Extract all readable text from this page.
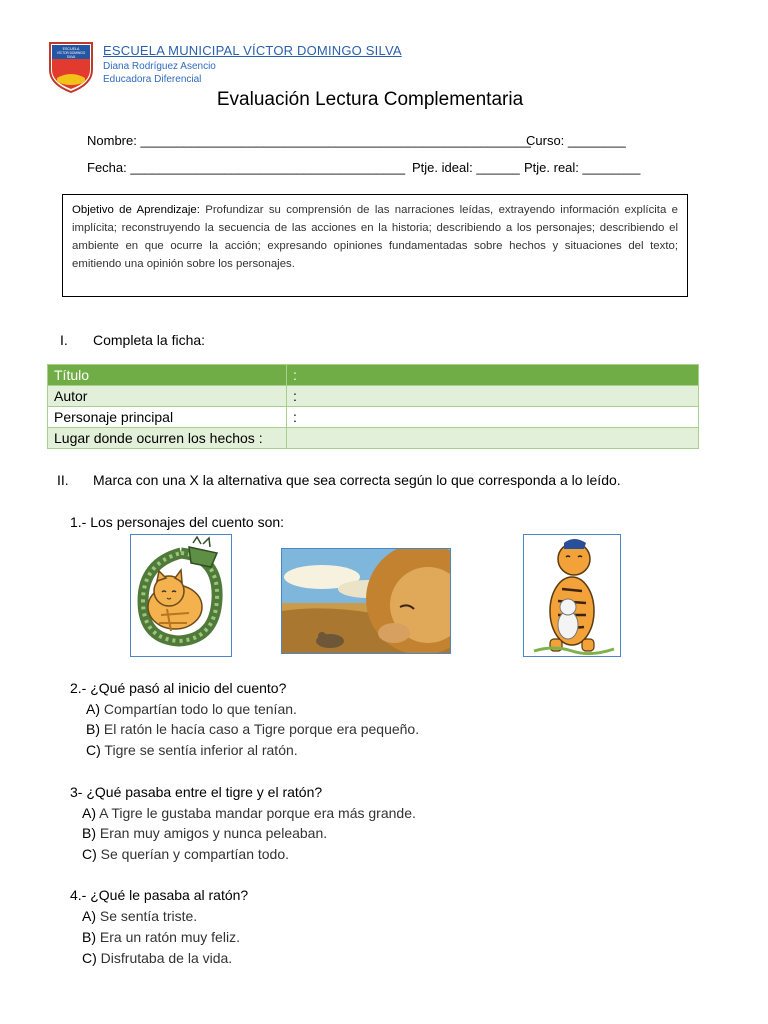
ESCUELA
VÍCTOR DOMINGO
SILVA ESCUELA MUNICIPAL VÍCTOR DOMINGO SILVA
Diana Rodríguez Asencio
Educadora Diferencial
Evaluación Lectura Complementaria
Nombre: ______________________________________________________
Curso: ________
Fecha: ______________________________________ Ptje. ideal: ______ Ptje. real: ________
Objetivo de Aprendizaje: Profundizar su comprensión de las narraciones leídas, extrayendo información explícita e implícita; reconstruyendo la secuencia de las acciones en la historia; describiendo a los personajes; describiendo el ambiente en que ocurre la acción; expresando opiniones fundamentadas sobre hechos y situaciones del texto; emitiendo una opinión sobre los personajes.
I. Completa la ficha:
Título	:
Autor	:
Personaje principal	:
Lugar donde ocurren los hechos :	
II. Marca con una X la alternativa que sea correcta según lo que corresponda a lo leído.
1.- Los personajes del cuento son:
2.- ¿Qué pasó al inicio del cuento?
A) Compartían todo lo que tenían.
B) El ratón le hacía caso a Tigre porque era pequeño.
C) Tigre se sentía inferior al ratón.
3- ¿Qué pasaba entre el tigre y el ratón?
A) A Tigre le gustaba mandar porque era más grande.
B) Eran muy amigos y nunca peleaban.
C) Se querían y compartían todo.
4.- ¿Qué le pasaba al ratón?
A) Se sentía triste.
B) Era un ratón muy feliz.
C) Disfrutaba de la vida.
